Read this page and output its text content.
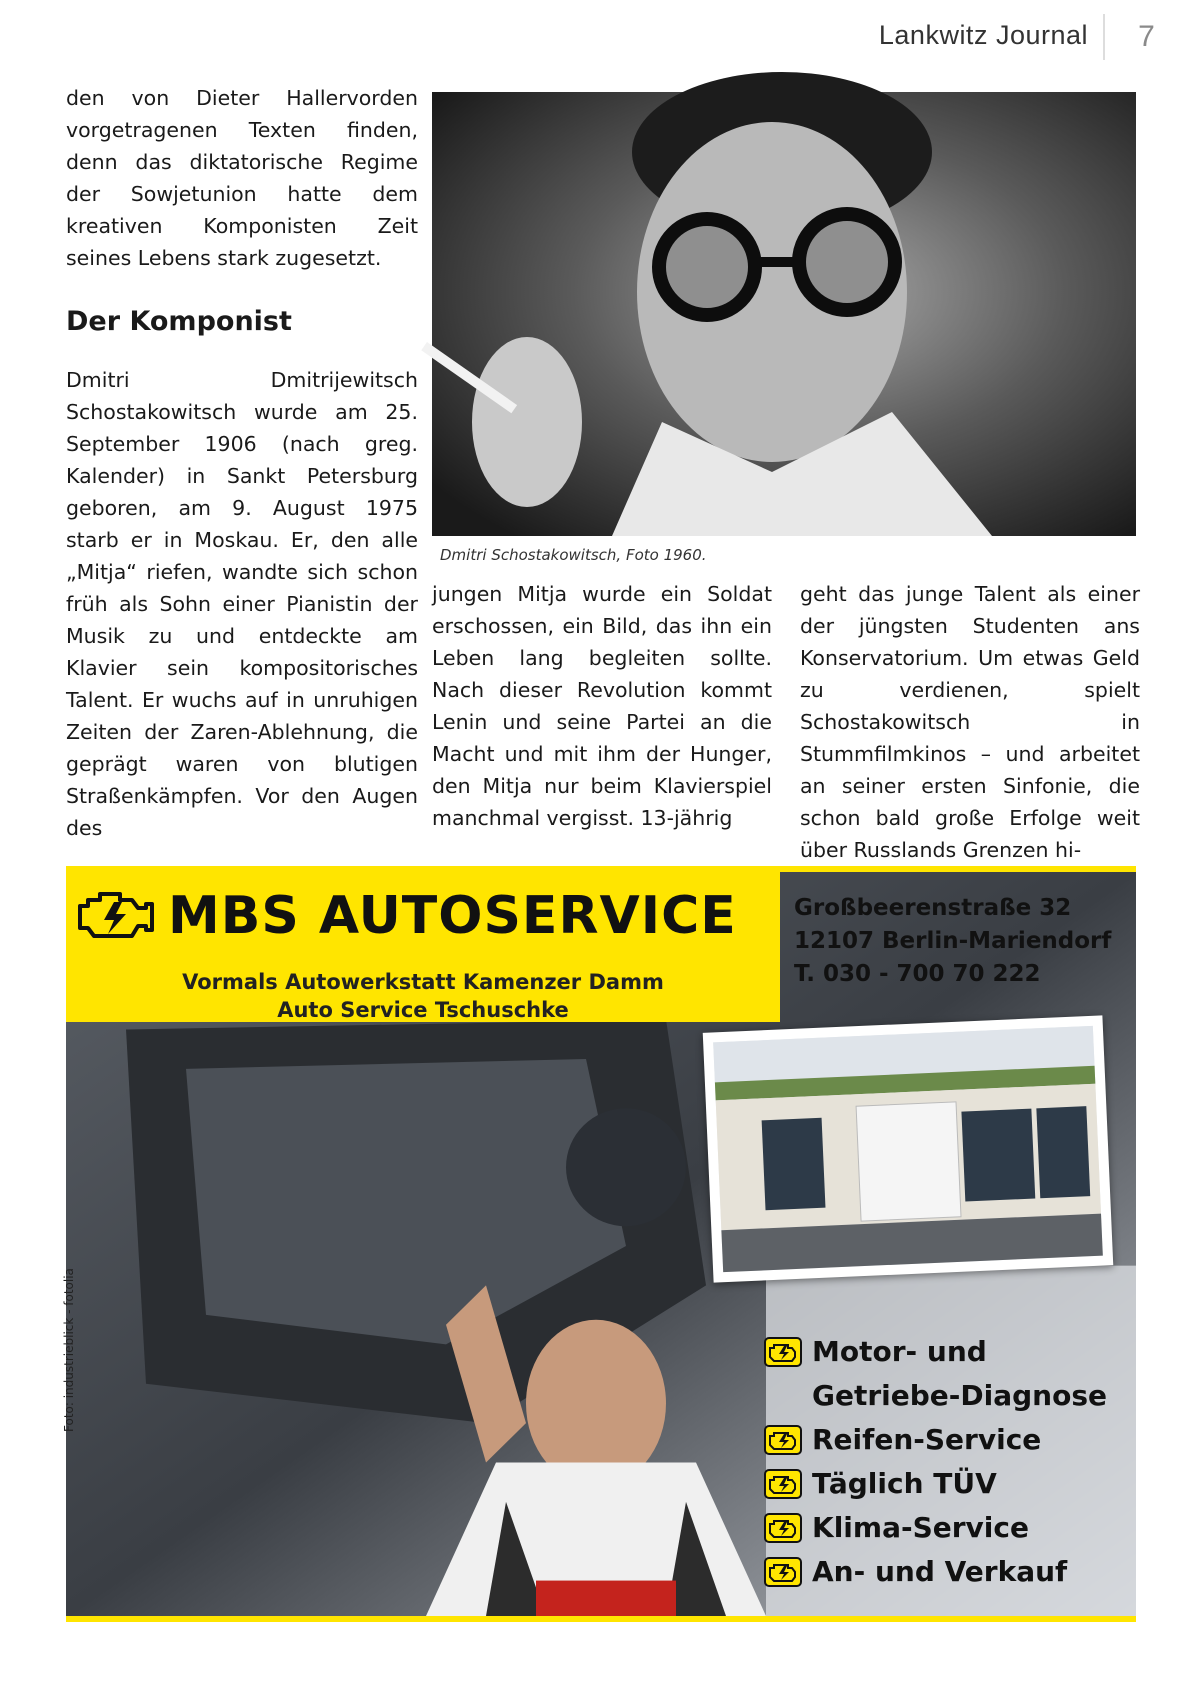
Lankwitz Journal	7

den von Dieter Hallervorden vorgetragenen Texten finden, denn das diktatorische Regime der Sowjetunion hatte dem kreativen Komponisten Zeit seines Lebens stark zugesetzt.

Der Komponist

Dmitri Dmitrijewitsch Schostakowitsch wurde am 25. September 1906 (nach greg. Kalender) in Sankt Petersburg geboren, am 9. August 1975 starb er in Moskau. Er, den alle „Mitja“ riefen, wandte sich schon früh als Sohn einer Pianistin der Musik zu und entdeckte am Klavier sein kompositorisches Talent. Er wuchs auf in unruhigen Zeiten der Zaren-Ablehnung, die geprägt waren von blutigen Straßenkämpfen. Vor den Augen des

jungen Mitja wurde ein Soldat erschossen, ein Bild, das ihn ein Leben lang begleiten sollte. Nach dieser Revolution kommt Lenin und seine Partei an die Macht und mit ihm der Hunger, den Mitja nur beim Klavierspiel manchmal vergisst. 13-jährig

geht das junge Talent als einer der jüngsten Studenten ans Konservatorium. Um etwas Geld zu verdienen, spielt Schostakowitsch in Stummfilmkinos – und arbeitet an seiner ersten Sinfonie, die schon bald große Erfolge weit über Russlands Grenzen hi-

Dmitri Schostakowitsch, Foto 1960.
MBS AUTOSERVICE
Vormals Autowerkstatt Kamenzer Damm
Auto Service Tschuschke
Großbeerenstraße 32
12107 Berlin-Mariendorf
T. 030 - 700 70 222
Motor- und Getriebe-Diagnose
Reifen-Service
Täglich TÜV
Klima-Service
An- und Verkauf
Foto: industrieblick - fotolia
